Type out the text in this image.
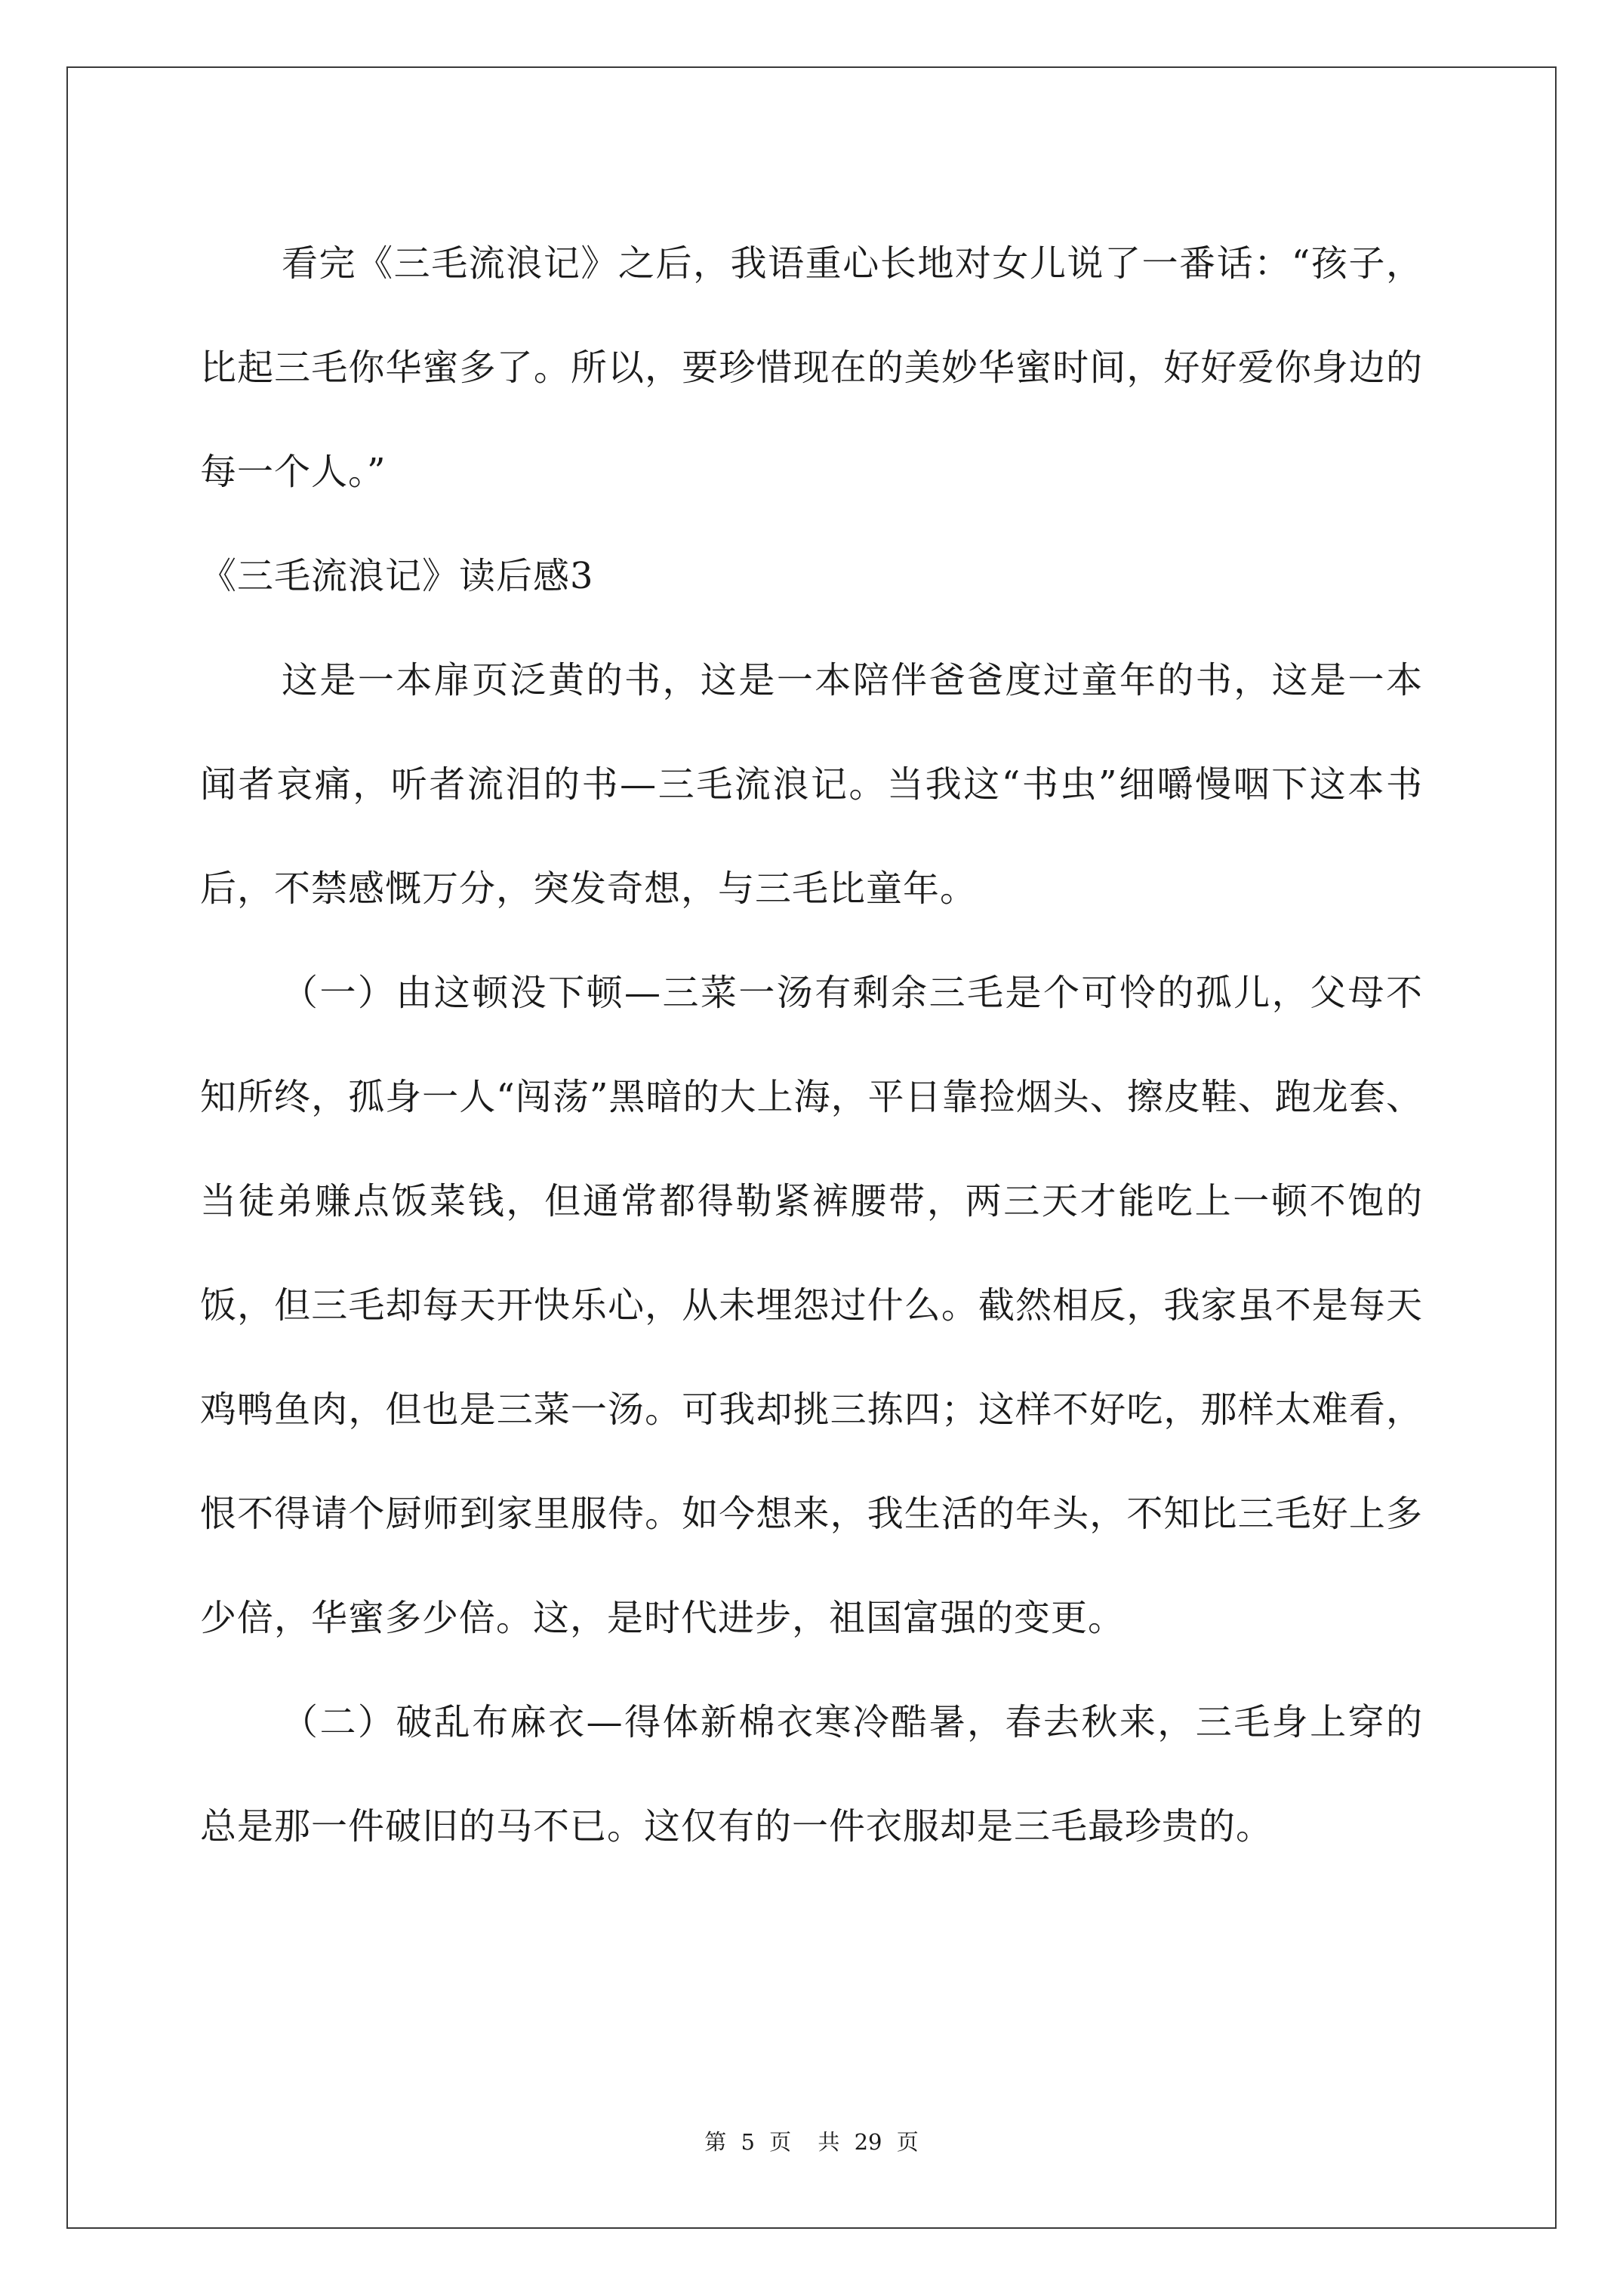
看完《三毛流浪记》之后，我语重心长地对女儿说了一番话：“孩子，比起三毛你华蜜多了。所以，要珍惜现在的美妙华蜜时间，好好爱你身边的每一个人。”

《三毛流浪记》读后感3

这是一本扉页泛黄的书，这是一本陪伴爸爸度过童年的书，这是一本闻者哀痛，听者流泪的书—三毛流浪记。当我这“书虫”细嚼慢咽下这本书后，不禁感慨万分，突发奇想，与三毛比童年。

（一）由这顿没下顿—三菜一汤有剩余三毛是个可怜的孤儿，父母不知所终，孤身一人“闯荡”黑暗的大上海，平日靠捡烟头、擦皮鞋、跑龙套、当徒弟赚点饭菜钱，但通常都得勒紧裤腰带，两三天才能吃上一顿不饱的饭，但三毛却每天开快乐心，从未埋怨过什么。截然相反，我家虽不是每天鸡鸭鱼肉，但也是三菜一汤。可我却挑三拣四；这样不好吃，那样太难看，恨不得请个厨师到家里服侍。如今想来，我生活的年头，不知比三毛好上多少倍，华蜜多少倍。这，是时代进步，祖国富强的变更。

（二）破乱布麻衣—得体新棉衣寒冷酷暑，春去秋来，三毛身上穿的总是那一件破旧的马不已。这仅有的一件衣服却是三毛最珍贵的。

第 5 页 共 29 页
